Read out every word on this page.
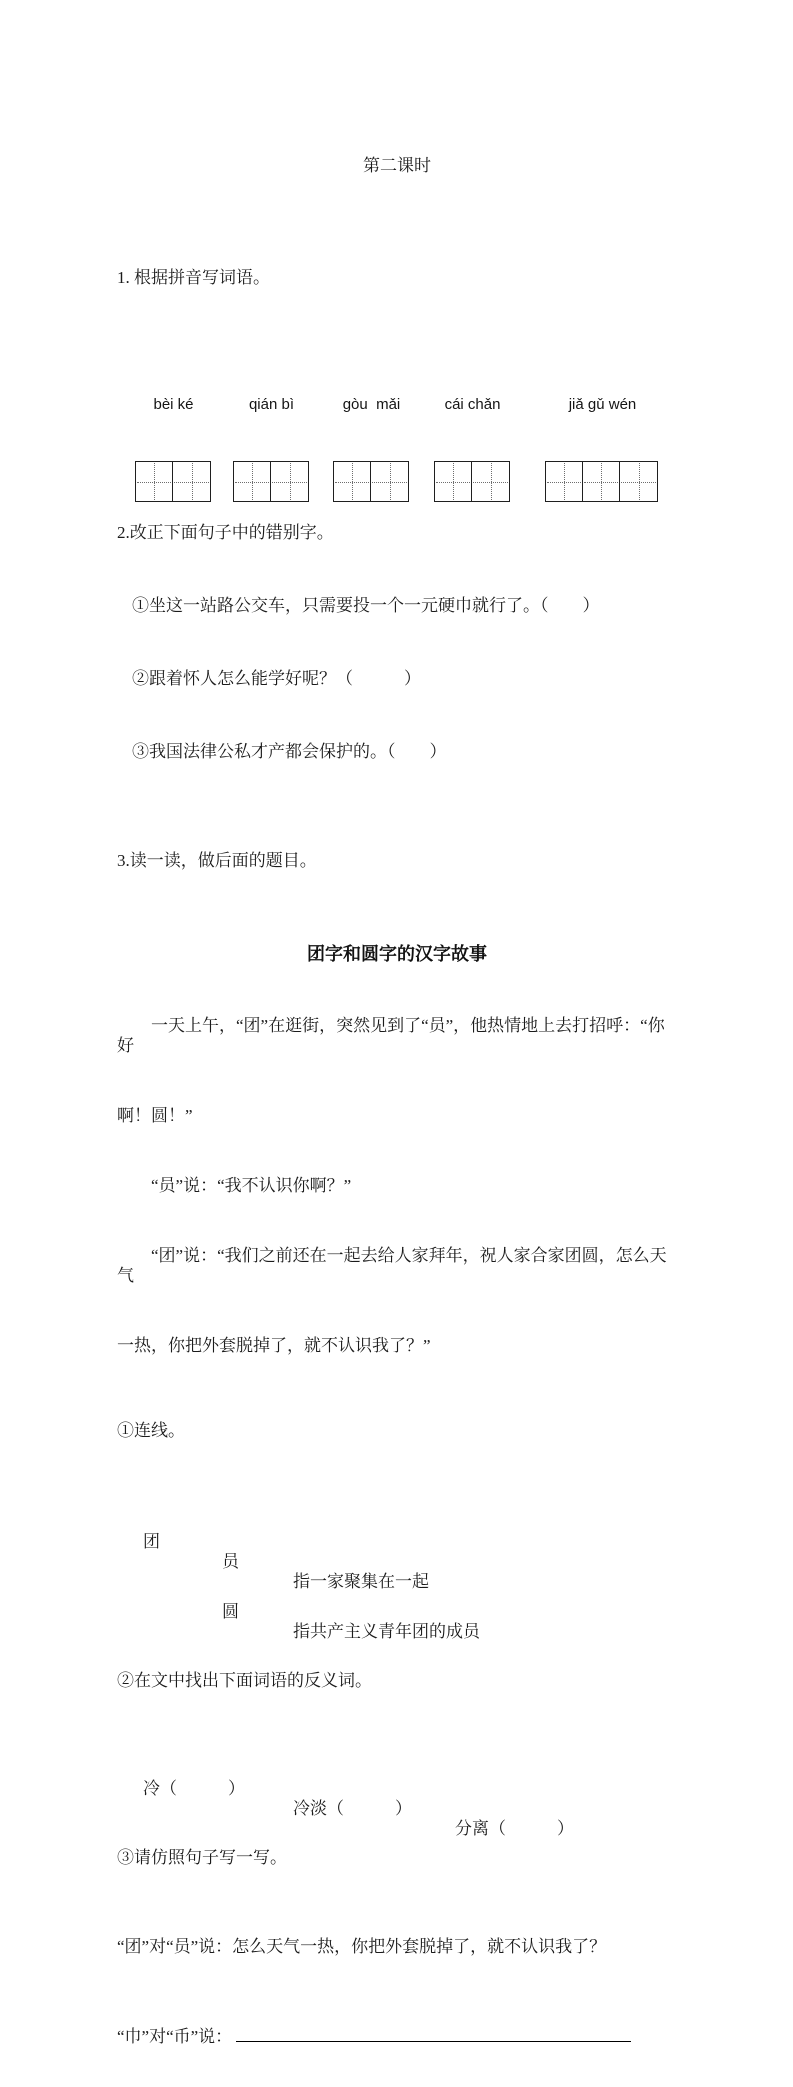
第二课时

1. 根据拼音写词语。

bèi ké

	qián bì

	gòu  mǎi

	cái chǎn

	jiǎ gǔ wén

2.改正下面句子中的错别字。

①坐这一站路公交车，只需要投一个一元硬巾就行了。（　　）

②跟着怀人怎么能学好呢？（　　　）

③我国法律公私才产都会保护的。（　　）

3.读一读，做后面的题目。

团字和圆字的汉字故事

一天上午，“团”在逛街，突然见到了“员”，他热情地上去打招呼：“你好

啊！圆！”

“员”说：“我不认识你啊？”

“团”说：“我们之前还在一起去给人家拜年，祝人家合家团圆，怎么天气

一热，你把外套脱掉了，就不认识我了？”

①连线。

团

员

指一家聚集在一起

圆

指共产主义青年团的成员

②在文中找出下面词语的反义词。

冷（　　　）

冷淡（　　　）

分离（　　　）

③请仿照句子写一写。

“团”对“员”说：怎么天气一热，你把外套脱掉了，就不认识我了？

“巾”对“币”说：
